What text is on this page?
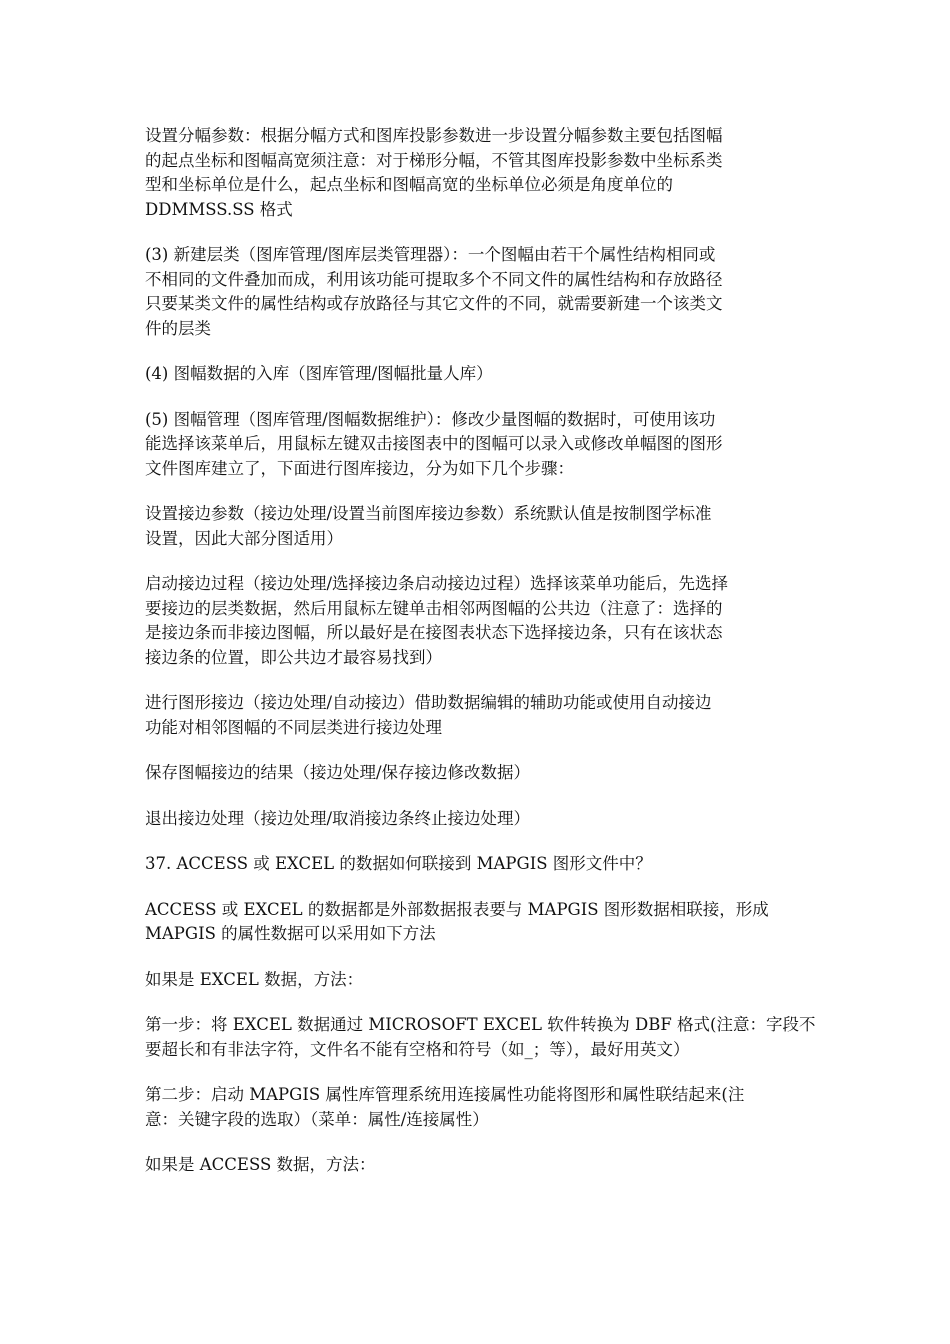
设置分幅参数：根据分幅方式和图库投影参数进一步设置分幅参数主要包括图幅
的起点坐标和图幅高宽须注意：对于梯形分幅，不管其图库投影参数中坐标系类
型和坐标单位是什么，起点坐标和图幅高宽的坐标单位必须是角度单位的
DDMMSS.SS 格式
(3) 新建层类（图库管理/图库层类管理器）：一个图幅由若干个属性结构相同或
不相同的文件叠加而成，利用该功能可提取多个不同文件的属性结构和存放路径
只要某类文件的属性结构或存放路径与其它文件的不同，就需要新建一个该类文
件的层类
(4) 图幅数据的入库（图库管理/图幅批量人库）
(5) 图幅管理（图库管理/图幅数据维护）：修改少量图幅的数据时，可使用该功
能选择该菜单后，用鼠标左键双击接图表中的图幅可以录入或修改单幅图的图形
文件图库建立了，下面进行图库接边，分为如下几个步骤：
设置接边参数（接边处理/设置当前图库接边参数）系统默认值是按制图学标准
设置，因此大部分图适用）
启动接边过程（接边处理/选择接边条启动接边过程）选择该菜单功能后，先选择
要接边的层类数据，然后用鼠标左键单击相邻两图幅的公共边（注意了：选择的
是接边条而非接边图幅，所以最好是在接图表状态下选择接边条，只有在该状态
接边条的位置，即公共边才最容易找到）
进行图形接边（接边处理/自动接边）借助数据编辑的辅助功能或使用自动接边
功能对相邻图幅的不同层类进行接边处理
保存图幅接边的结果（接边处理/保存接边修改数据）
退出接边处理（接边处理/取消接边条终止接边处理）
37. ACCESS 或 EXCEL 的数据如何联接到 MAPGIS 图形文件中？
ACCESS 或 EXCEL 的数据都是外部数据报表要与 MAPGIS 图形数据相联接，形成
MAPGIS 的属性数据可以采用如下方法
如果是 EXCEL 数据，方法：
第一步：将 EXCEL 数据通过 MICROSOFT EXCEL 软件转换为 DBF 格式(注意：字段不
要超长和有非法字符，文件名不能有空格和符号（如_；等），最好用英文）
第二步：启动 MAPGIS 属性库管理系统用连接属性功能将图形和属性联结起来(注
意：关键字段的选取）（菜单：属性/连接属性）
如果是 ACCESS 数据，方法：
